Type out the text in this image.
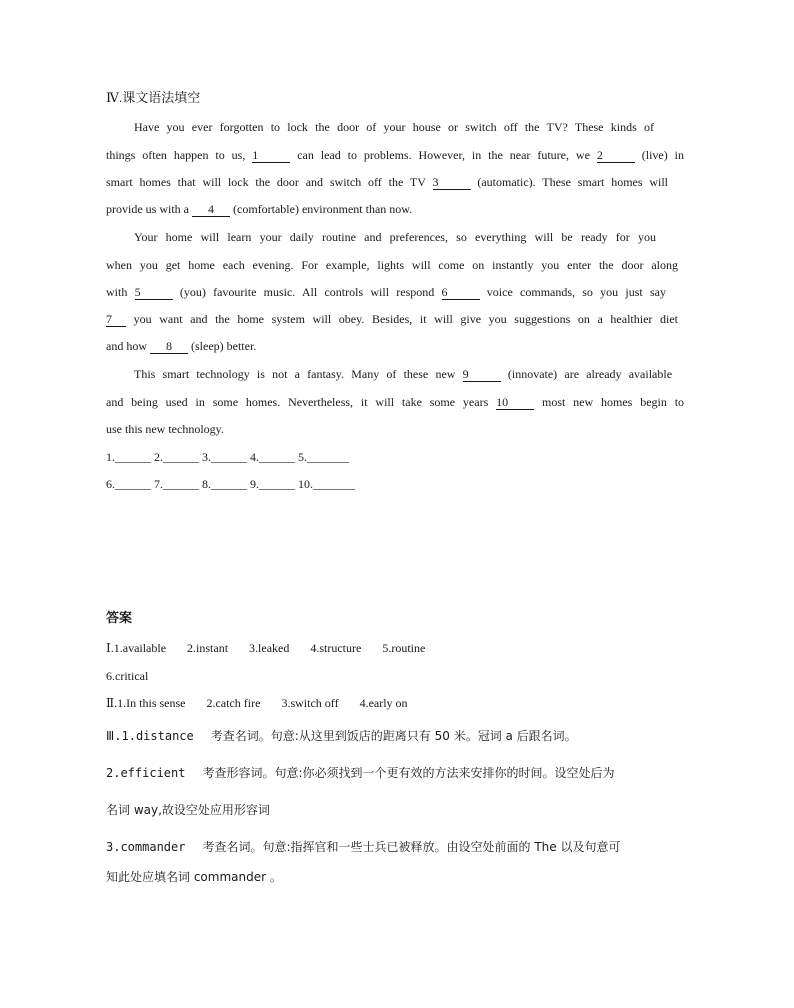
Ⅳ.课文语法填空
Have you ever forgotten to lock the door of your house or switch off the TV? These kinds of
things often happen to us, 1	can lead to problems. However, in the near future, we 2	(live) in
smart homes that will lock the door and switch off the TV 3	(automatic). These smart homes will
provide us with a 4 (comfortable) environment than now.
Your home will learn your daily routine and preferences, so everything will be ready for you
when you get home each evening. For example, lights will come on instantly you enter the door along
with 5	(you) favourite music. All controls will respond 6	voice commands, so you just say
7 you want and the home system will obey. Besides, it will give you suggestions on a healthier diet
and how 8 (sleep) better.
This smart technology is not a fantasy. Many of these new 9	(innovate) are already available
and being used in some homes. Nevertheless, it will take some years 10	most new homes begin to
use this new technology.
1.______ 2.______ 3.______ 4.______ 5._______
6.______ 7.______ 8.______ 9.______ 10._______
答案
Ⅰ.1.available 2.instant 3.leaked 4.structure 5.routine
6.critical
Ⅱ.1.In this sense 2.catch fire 3.switch off 4.early on
Ⅲ.1.distance 考查名词。句意:从这里到饭店的距离只有 50 米。冠词 a 后跟名词。
2.efficient 考查形容词。句意:你必须找到一个更有效的方法来安排你的时间。设空处后为
名词 way,故设空处应用形容词
3.commander 考查名词。句意:指挥官和一些士兵已被释放。由设空处前面的 The 以及句意可
知此处应填名词 commander 。
